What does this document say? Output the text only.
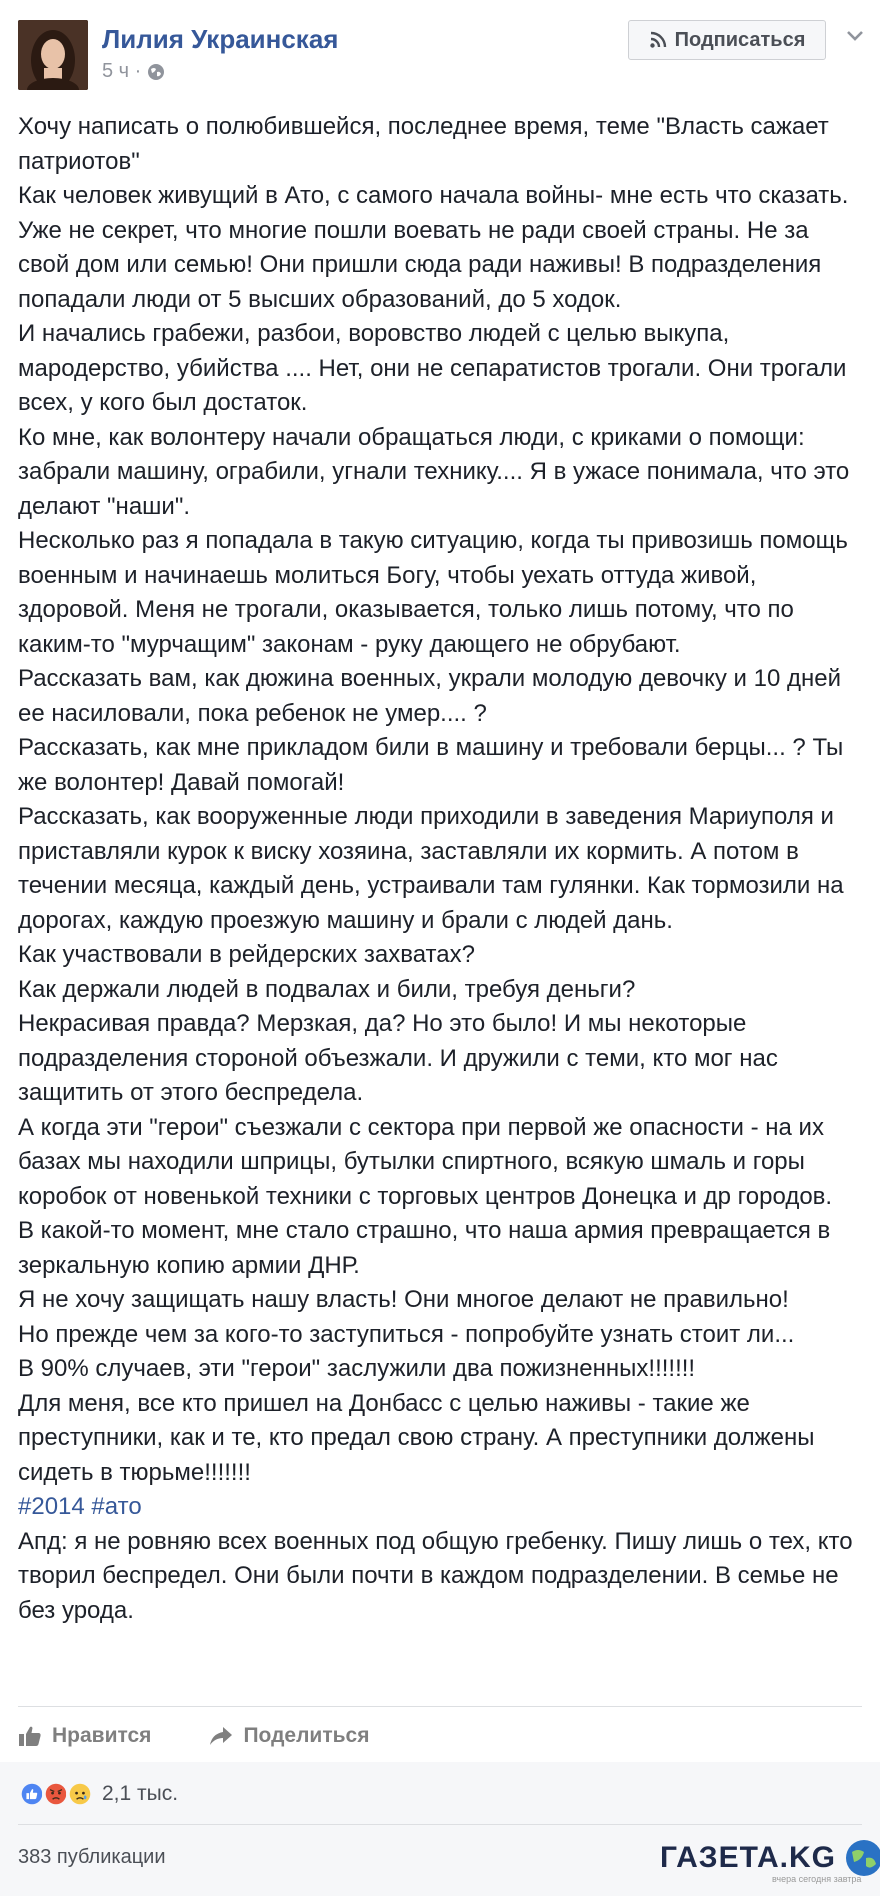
Лилия Украинская
5 ч ·
Подписаться

Хочу написать о полюбившейся, последнее время, теме "Власть сажает патриотов"

Как человек живущий в Ато, с самого начала войны- мне есть что сказать.

Уже не секрет, что многие пошли воевать не ради своей страны. Не за свой дом или семью! Они пришли сюда ради наживы! В подразделения попадали люди от 5 высших образований, до 5 ходок.

И начались грабежи, разбои, воровство людей с целью выкупа, мародерство, убийства .... Нет, они не сепаратистов трогали. Они трогали всех, у кого был достаток.

Ко мне, как волонтеру начали обращаться люди, с криками о помощи: забрали машину, ограбили, угнали технику.... Я в ужасе понимала, что это делают "наши".

Несколько раз я попадала в такую ситуацию, когда ты привозишь помощь военным и начинаешь молиться Богу, чтобы уехать оттуда живой, здоровой. Меня не трогали, оказывается, только лишь потому, что по каким-то "мурчащим" законам - руку дающего не обрубают.

Рассказать вам, как дюжина военных, украли молодую девочку и 10 дней ее насиловали, пока ребенок не умер.... ?

Рассказать, как мне прикладом били в машину и требовали берцы... ? Ты же волонтер! Давай помогай!

Рассказать, как вооруженные люди приходили в заведения Мариуполя и приставляли курок к виску хозяина, заставляли их кормить. А потом в течении месяца, каждый день, устраивали там гулянки. Как тормозили на дорогах, каждую проезжую машину и брали с людей дань.

Как участвовали в рейдерских захватах?

Как держали людей в подвалах и били, требуя деньги?

Некрасивая правда? Мерзкая, да? Но это было! И мы некоторые подразделения стороной объезжали. И дружили с теми, кто мог нас защитить от этого беспредела.

А когда эти "герои" съезжали с сектора при первой же опасности - на их базах мы находили шприцы, бутылки спиртного, всякую шмаль и горы коробок от новенькой техники с торговых центров Донецка и др городов.

В какой-то момент, мне стало страшно, что наша армия превращается в зеркальную копию армии ДНР.

Я не хочу защищать нашу власть! Они многое делают не правильно!

Но прежде чем за кого-то заступиться - попробуйте узнать стоит ли...

В 90% случаев, эти "герои" заслужили два пожизненных!!!!!!!

Для меня, все кто пришел на Донбасс с целью наживы - такие же преступники, как и те, кто предал свою страну. А преступники должены сидеть в тюрьме!!!!!!!

#2014 #ато

Апд: я не ровняю всех военных под общую гребенку. Пишу лишь о тех, кто творил беспредел. Они были почти в каждом подразделении. В семье не без урода.

Нравится	Поделиться
2,1 тыс.
383 публикации	ГАЗЕТА.KG
вчера сегодня завтра
